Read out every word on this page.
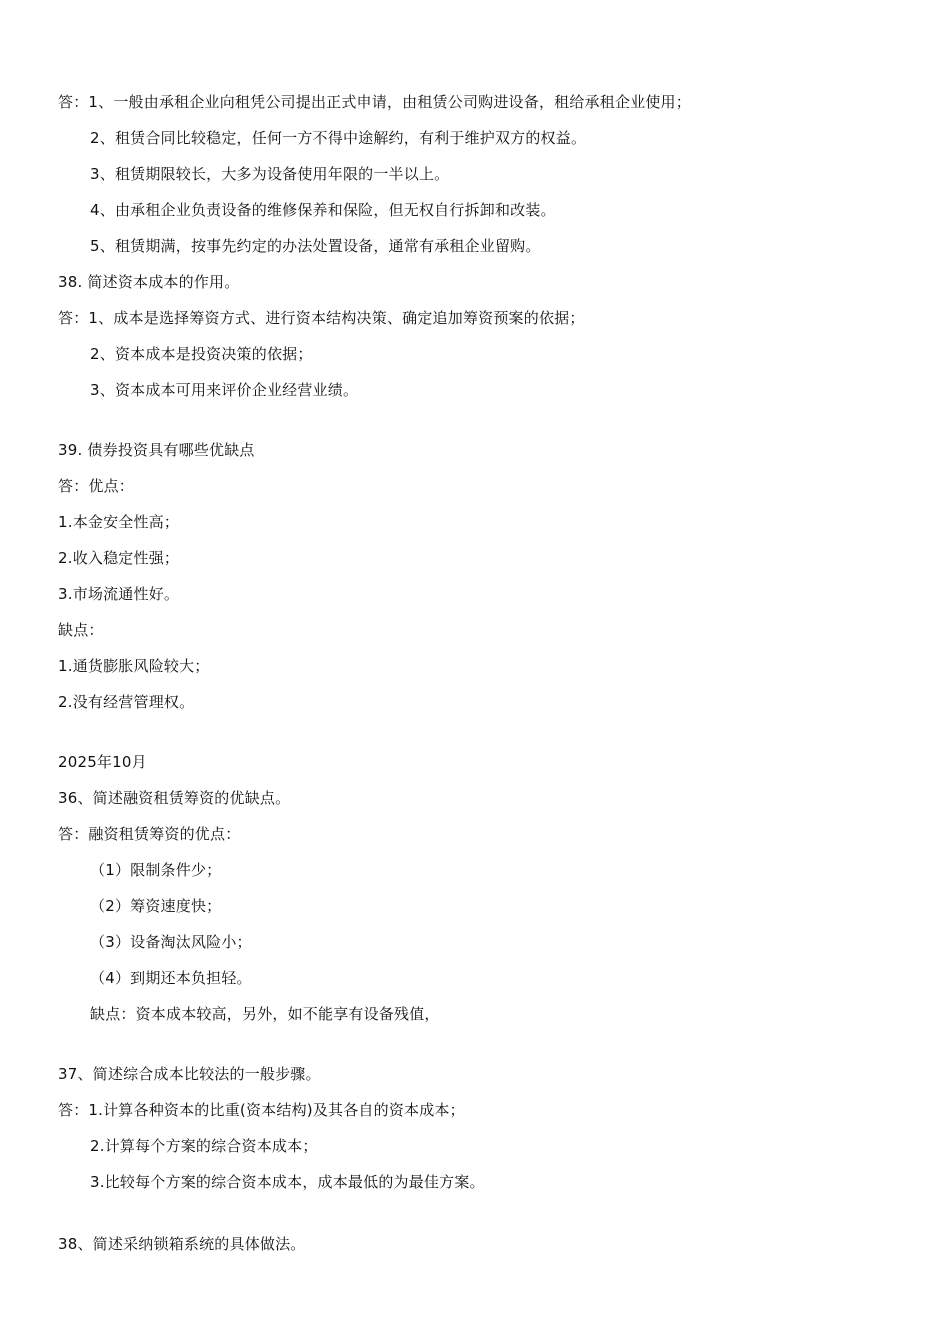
答：1、一般由承租企业向租凭公司提出正式申请，由租赁公司购进设备，租给承租企业使用；
2、租赁合同比较稳定，任何一方不得中途解约，有利于维护双方的权益。
3、租赁期限较长，大多为设备使用年限的一半以上。
4、由承租企业负责设备的维修保养和保险，但无权自行拆卸和改装。
5、租赁期满，按事先约定的办法处置设备，通常有承租企业留购。
38. 简述资本成本的作用。
答：1、成本是选择筹资方式、进行资本结构决策、确定追加筹资预案的依据；
2、资本成本是投资决策的依据；
3、资本成本可用来评价企业经营业绩。
39. 债券投资具有哪些优缺点
答：优点：
1.本金安全性高；
2.收入稳定性强；
3.市场流通性好。
缺点：
1.通货膨胀风险较大；
2.没有经营管理权。
2025年10月
36、简述融资租赁筹资的优缺点。
答：融资租赁筹资的优点：
（1）限制条件少；
（2）筹资速度快；
（3）设备淘汰风险小；
（4）到期还本负担轻。
缺点：资本成本较高，另外，如不能享有设备残值，
37、简述综合成本比较法的一般步骤。
答：1.计算各种资本的比重(资本结构)及其各自的资本成本；
2.计算每个方案的综合资本成本；
3.比较每个方案的综合资本成本，成本最低的为最佳方案。
38、简述采纳锁箱系统的具体做法。
